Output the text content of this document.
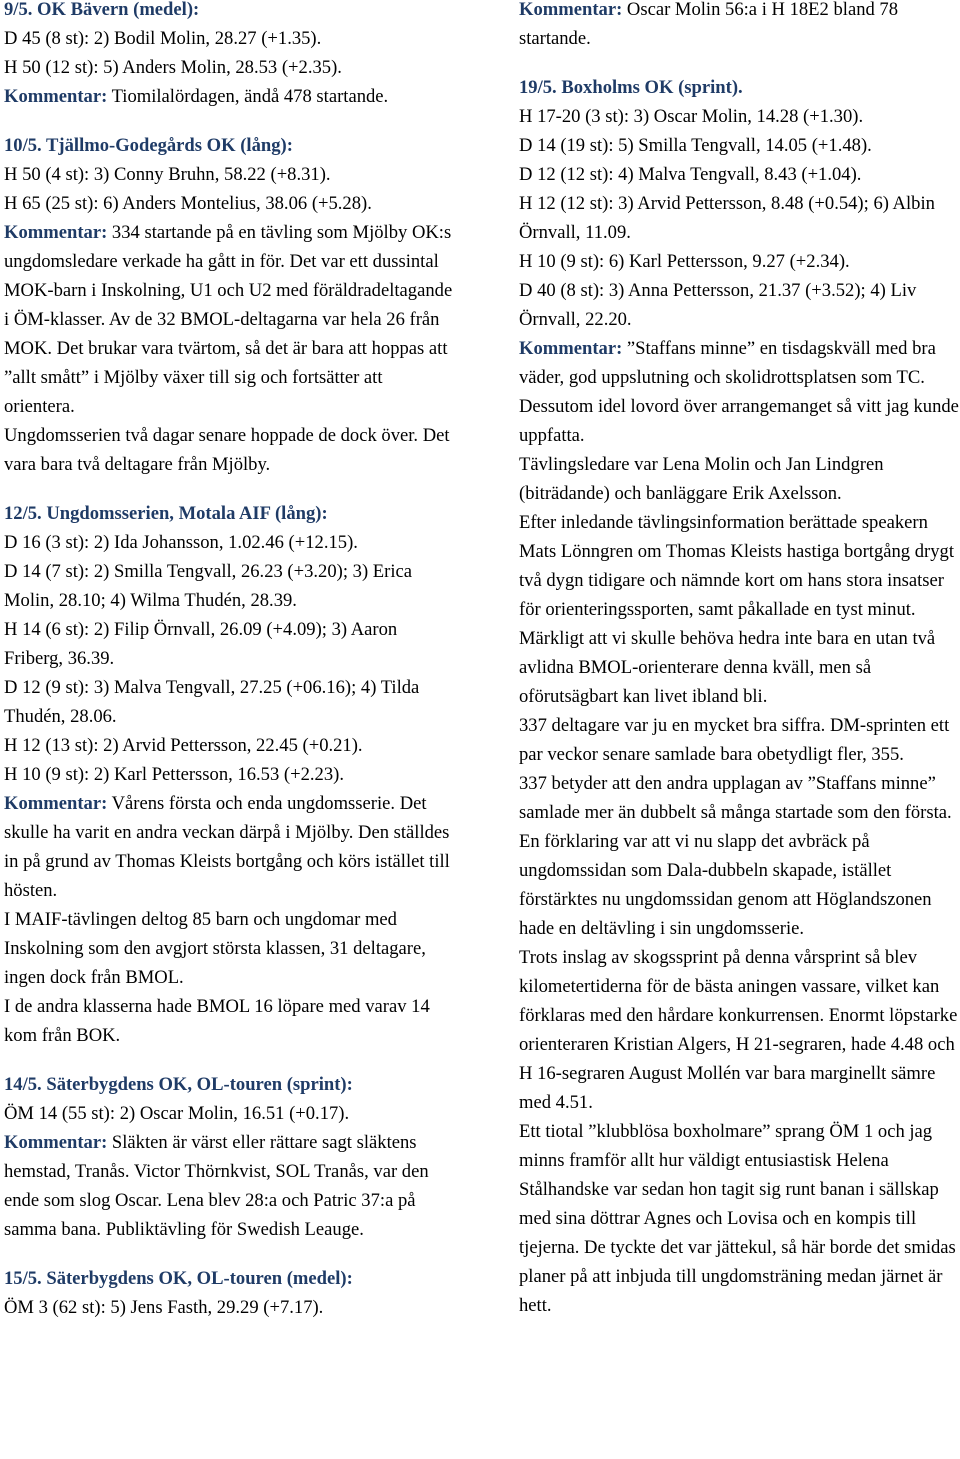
9/5. OK Bävern (medel):

D 45 (8 st): 2) Bodil Molin, 28.27 (+1.35).

H 50 (12 st): 5) Anders Molin, 28.53 (+2.35).

Kommentar: Tiomilalördagen, ändå 478 startande.

10/5. Tjällmo-Godegårds OK (lång):

H 50 (4 st): 3) Conny Bruhn, 58.22 (+8.31).

H 65 (25 st): 6) Anders Montelius, 38.06 (+5.28).

Kommentar: 334 startande på en tävling som Mjölby OK:s ungdomsledare verkade ha gått in för. Det var ett dussintal MOK-barn i Inskolning, U1 och U2 med föräldradeltagande i ÖM-klasser. Av de 32 BMOL-deltagarna var hela 26 från MOK. Det brukar vara tvärtom, så det är bara att hoppas att ”allt smått” i Mjölby växer till sig och fortsätter att orientera.

Ungdomsserien två dagar senare hoppade de dock över. Det vara bara två deltagare från Mjölby.

12/5. Ungdomsserien, Motala AIF (lång):

D 16 (3 st): 2) Ida Johansson, 1.02.46 (+12.15).

D 14 (7 st): 2) Smilla Tengvall, 26.23 (+3.20); 3) Erica Molin, 28.10; 4) Wilma Thudén, 28.39.

H 14 (6 st): 2) Filip Örnvall, 26.09 (+4.09); 3) Aaron Friberg, 36.39.

D 12 (9 st): 3) Malva Tengvall, 27.25 (+06.16); 4) Tilda Thudén, 28.06.

H 12 (13 st): 2) Arvid Pettersson, 22.45 (+0.21).

H 10 (9 st): 2) Karl Pettersson, 16.53 (+2.23).

Kommentar: Vårens första och enda ungdomsserie. Det skulle ha varit en andra veckan därpå i Mjölby. Den ställdes in på grund av Thomas Kleists bortgång och körs istället till hösten.

I MAIF-tävlingen deltog 85 barn och ungdomar med Inskolning som den avgjort största klassen, 31 deltagare, ingen dock från BMOL.

I de andra klasserna hade BMOL 16 löpare med varav 14 kom från BOK.

14/5. Säterbygdens OK, OL-touren (sprint):

ÖM 14 (55 st): 2) Oscar Molin, 16.51 (+0.17).

Kommentar: Släkten är värst eller rättare sagt släktens hemstad, Tranås. Victor Thörnkvist, SOL Tranås, var den ende som slog Oscar. Lena blev 28:a och Patric 37:a på samma bana. Publiktävling för Swedish Leauge.

15/5. Säterbygdens OK, OL-touren (medel):

ÖM 3 (62 st): 5) Jens Fasth, 29.29 (+7.17).

Kommentar: Oscar Molin 56:a i H 18E2 bland 78 startande.

19/5. Boxholms OK (sprint).

H 17-20 (3 st): 3) Oscar Molin, 14.28 (+1.30).

D 14 (19 st): 5) Smilla Tengvall, 14.05 (+1.48).

D 12 (12 st): 4) Malva Tengvall, 8.43 (+1.04).

H 12 (12 st): 3) Arvid Pettersson, 8.48 (+0.54); 6) Albin Örnvall, 11.09.

H 10 (9 st): 6) Karl Pettersson, 9.27 (+2.34).

D 40 (8 st): 3) Anna Pettersson, 21.37 (+3.52); 4) Liv Örnvall, 22.20.

Kommentar: ”Staffans minne” en tisdagskväll med bra väder, god uppslutning och skolidrottsplatsen som TC. Dessutom idel lovord över arrangemanget så vitt jag kunde uppfatta.

Tävlingsledare var Lena Molin och Jan Lindgren (biträdande) och banläggare Erik Axelsson.

Efter inledande tävlingsinformation berättade speakern Mats Lönngren om Thomas Kleists hastiga bortgång drygt två dygn tidigare och nämnde kort om hans stora insatser för orienteringssporten, samt påkallade en tyst minut.

Märkligt att vi skulle behöva hedra inte bara en utan två avlidna BMOL-orienterare denna kväll, men så oförutsägbart kan livet ibland bli.

337 deltagare var ju en mycket bra siffra. DM-sprinten ett par veckor senare samlade bara obetydligt fler, 355.

337 betyder att den andra upplagan av ”Staffans minne” samlade mer än dubbelt så många startade som den första. En förklaring var att vi nu slapp det avbräck på ungdomssidan som Dala-dubbeln skapade, istället förstärktes nu ungdomssidan genom att Höglandszonen hade en deltävling i sin ungdomsserie.

Trots inslag av skogssprint på denna vårsprint så blev kilometertiderna för de bästa aningen vassare, vilket kan förklaras med den hårdare konkurrensen. Enormt löpstarke orienteraren Kristian Algers, H 21-segraren, hade 4.48 och H 16-segraren August Mollén var bara marginellt sämre med 4.51.

Ett tiotal ”klubblösa boxholmare” sprang ÖM 1 och jag minns framför allt hur väldigt entusiastisk Helena Stålhandske var sedan hon tagit sig runt banan i sällskap med sina döttrar Agnes och Lovisa och en kompis till tjejerna. De tyckte det var jättekul, så här borde det smidas planer på att inbjuda till ungdomsträning medan järnet är hett.
